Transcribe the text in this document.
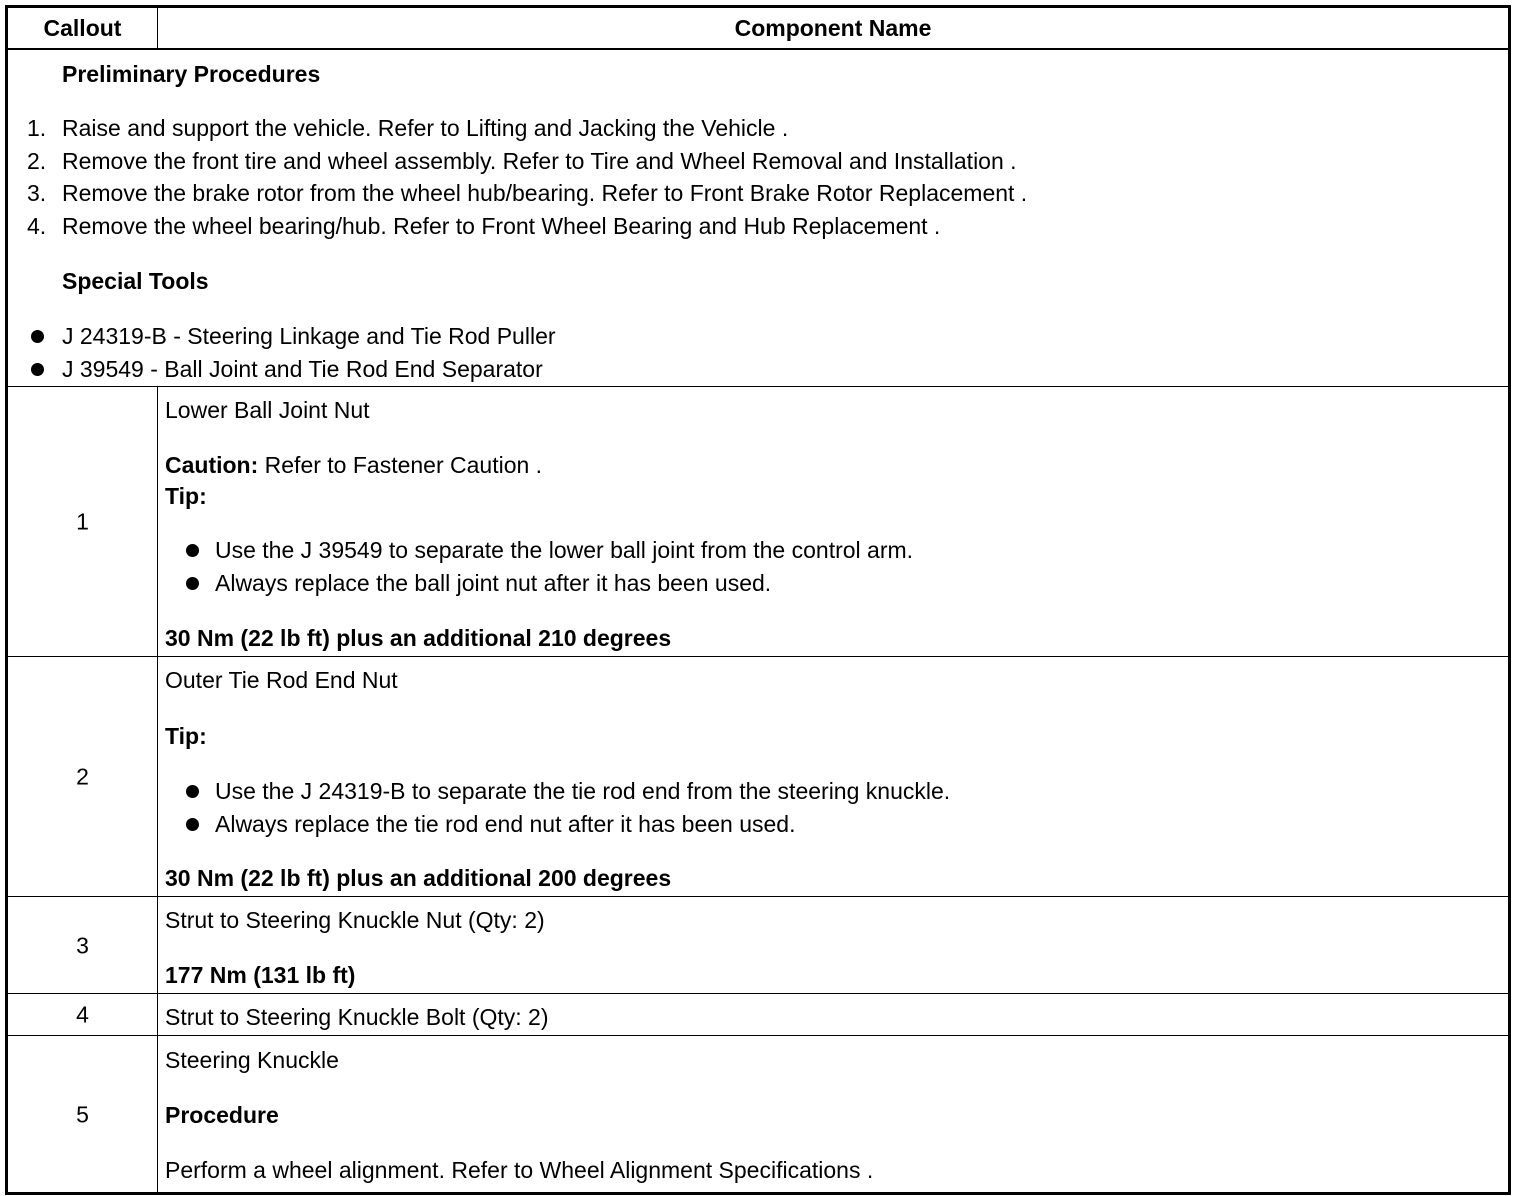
Callout	Component Name
Preliminary Procedures
1. Raise and support the vehicle. Refer to Lifting and Jacking the Vehicle .
2. Remove the front tire and wheel assembly. Refer to Tire and Wheel Removal and Installation .
3. Remove the brake rotor from the wheel hub/bearing. Refer to Front Brake Rotor Replacement .
4. Remove the wheel bearing/hub. Refer to Front Wheel Bearing and Hub Replacement .
Special Tools
J 24319-B - Steering Linkage and Tie Rod Puller
J 39549 - Ball Joint and Tie Rod End Separator
1
Lower Ball Joint Nut
Caution: Refer to Fastener Caution .
Tip:
Use the J 39549 to separate the lower ball joint from the control arm.
Always replace the ball joint nut after it has been used.
30 Nm (22 lb ft) plus an additional 210 degrees
2
Outer Tie Rod End Nut
Tip:
Use the J 24319-B to separate the tie rod end from the steering knuckle.
Always replace the tie rod end nut after it has been used.
30 Nm (22 lb ft) plus an additional 200 degrees
3
Strut to Steering Knuckle Nut (Qty: 2)
177 Nm (131 lb ft)
4	Strut to Steering Knuckle Bolt (Qty: 2)
5
Steering Knuckle
Procedure
Perform a wheel alignment. Refer to Wheel Alignment Specifications .
